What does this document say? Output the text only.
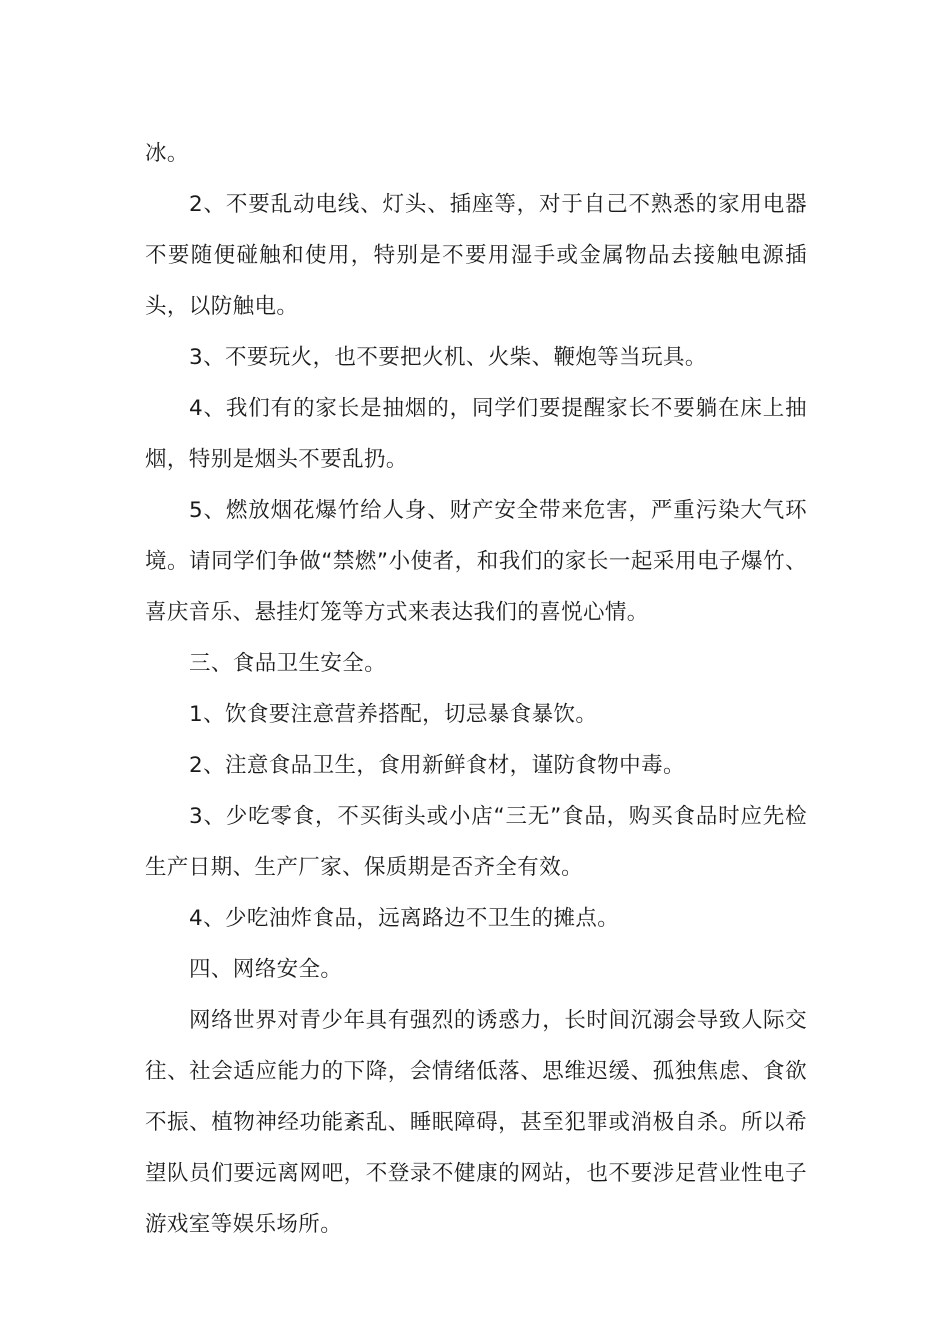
冰。

2、不要乱动电线、灯头、插座等，对于自己不熟悉的家用电器不要随便碰触和使用，特别是不要用湿手或金属物品去接触电源插头，以防触电。

3、不要玩火，也不要把火机、火柴、鞭炮等当玩具。

4、我们有的家长是抽烟的，同学们要提醒家长不要躺在床上抽烟，特别是烟头不要乱扔。

5、燃放烟花爆竹给人身、财产安全带来危害，严重污染大气环境。请同学们争做“禁燃”小使者，和我们的家长一起采用电子爆竹、喜庆音乐、悬挂灯笼等方式来表达我们的喜悦心情。

三、食品卫生安全。

1、饮食要注意营养搭配，切忌暴食暴饮。

2、注意食品卫生，食用新鲜食材，谨防食物中毒。

3、少吃零食，不买街头或小店“三无”食品，购买食品时应先检生产日期、生产厂家、保质期是否齐全有效。

4、少吃油炸食品，远离路边不卫生的摊点。

四、网络安全。

网络世界对青少年具有强烈的诱惑力，长时间沉溺会导致人际交往、社会适应能力的下降，会情绪低落、思维迟缓、孤独焦虑、食欲不振、植物神经功能紊乱、睡眠障碍，甚至犯罪或消极自杀。所以希望队员们要远离网吧，不登录不健康的网站，也不要涉足营业性电子游戏室等娱乐场所。
